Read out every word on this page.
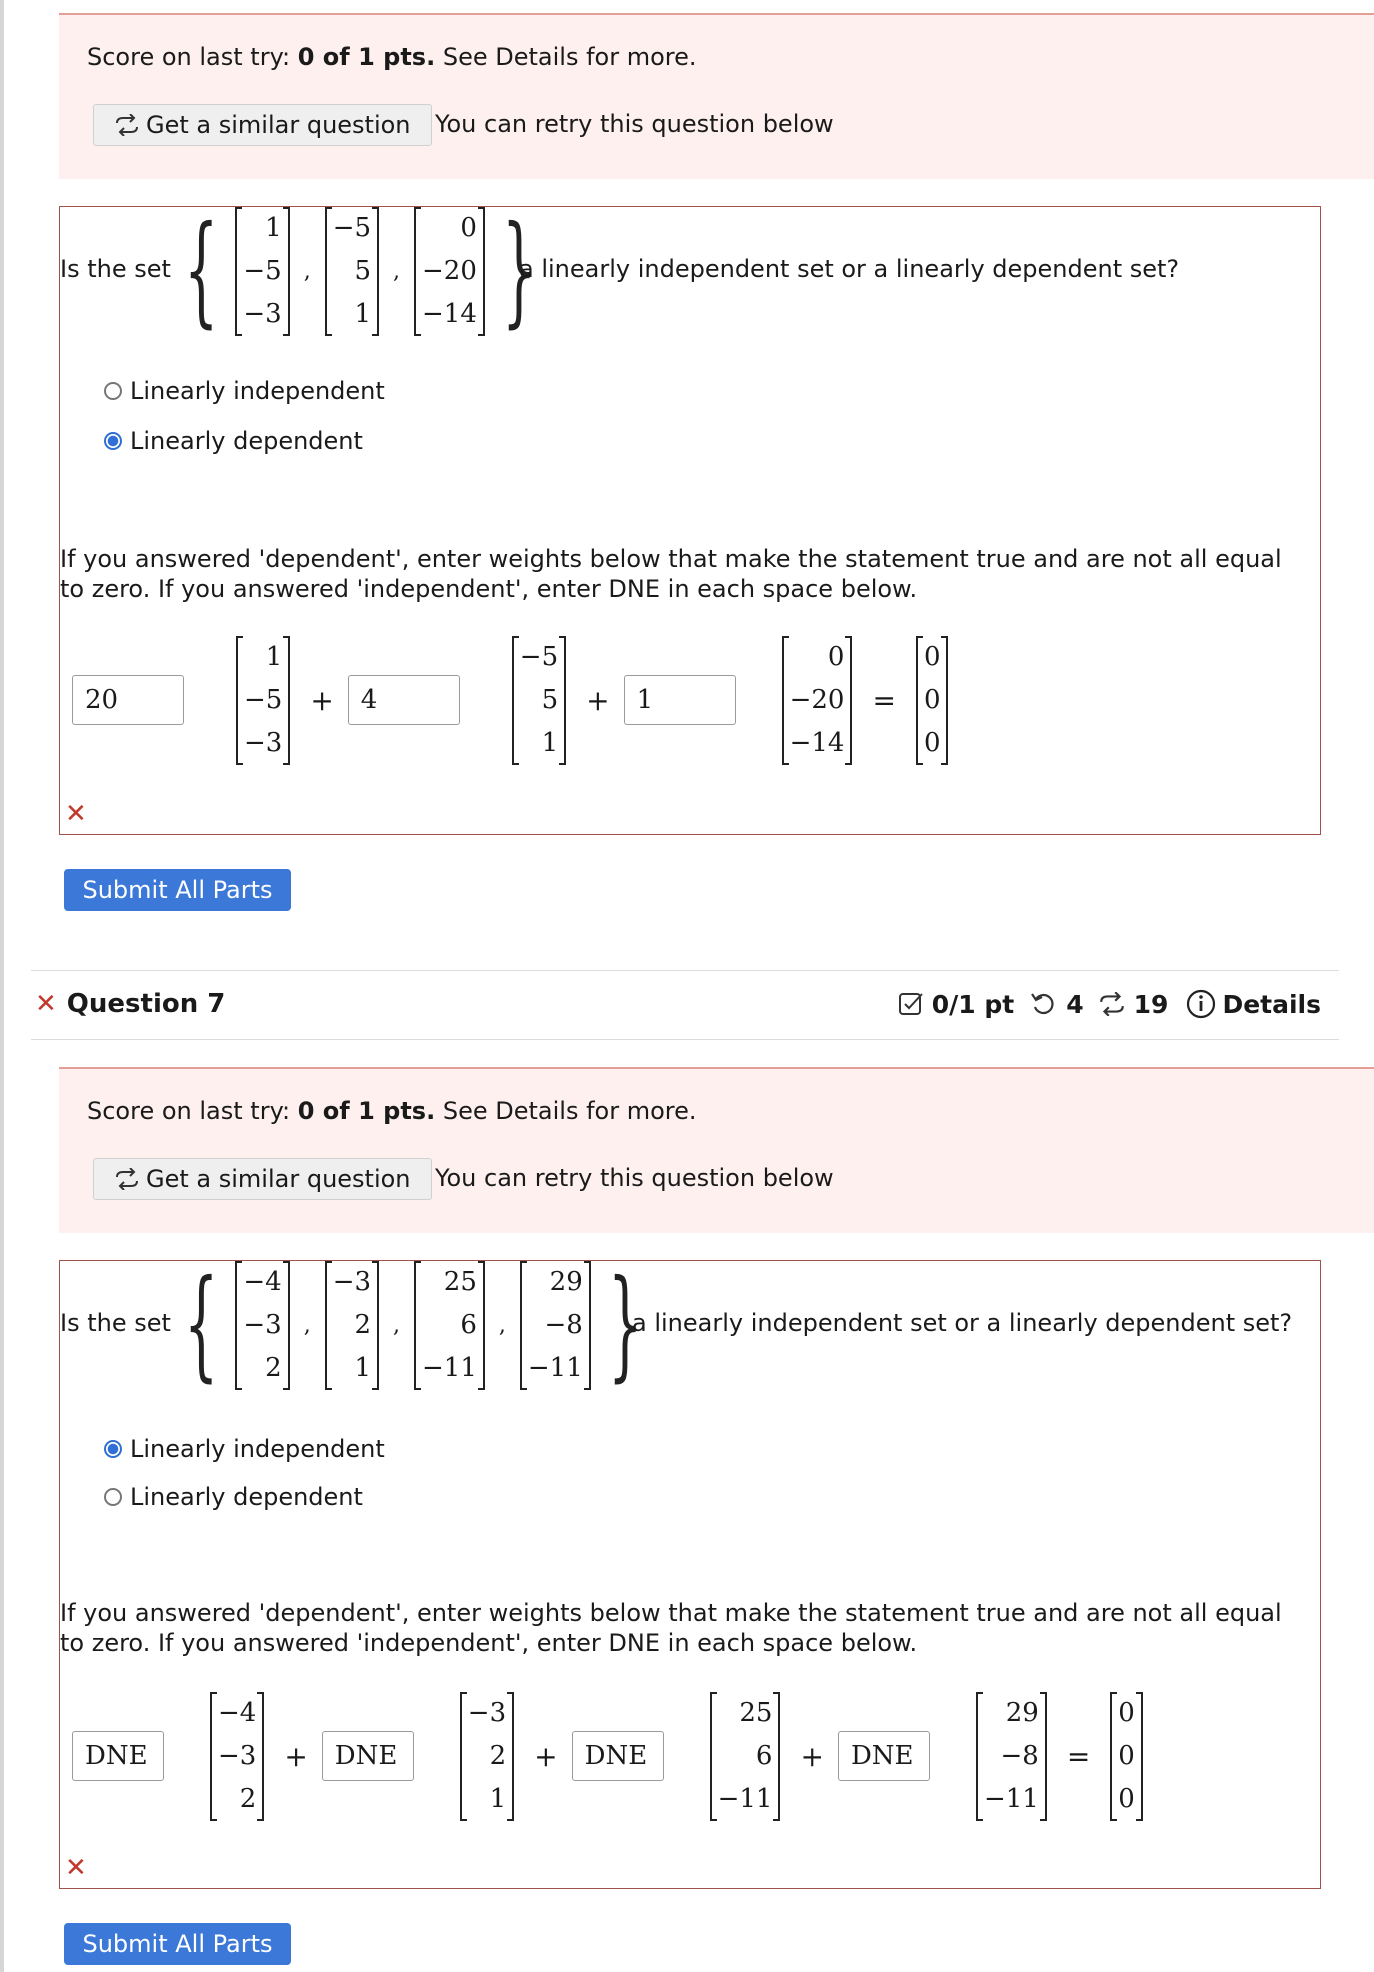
Score on last try: 0 of 1 pts. See Details for more.
Get a similar question You can retry this question below
Is the set { 1
−5
−3
,
−5
5
1
,
0
−20
−14 }
a linearly independent set or a linearly dependent set?
Linearly independent
Linearly dependent
If you answered 'dependent', enter weights below that make the statement true and are not all equal to zero. If you answered 'independent', enter DNE in each space below.
20
1
−5
−3
+
4
−5
5
1
+
1
0
−20
−14
=
0
0
0
✕
Submit All Parts
✕ Question 7	0/1 pt 4 19 Details
Score on last try: 0 of 1 pts. See Details for more.
Get a similar question You can retry this question below
Is the set { −4
−3
2
,
−3
2
1
,
25
6
−11
,
29
−8
−11 }
a linearly independent set or a linearly dependent set?
Linearly independent
Linearly dependent
If you answered 'dependent', enter weights below that make the statement true and are not all equal to zero. If you answered 'independent', enter DNE in each space below.
DNE
−4
−3
2
+
DNE
−3
2
1
+
DNE
25
6
−11
+
DNE
29
−8
−11
=
0
0
0
✕
Submit All Parts
